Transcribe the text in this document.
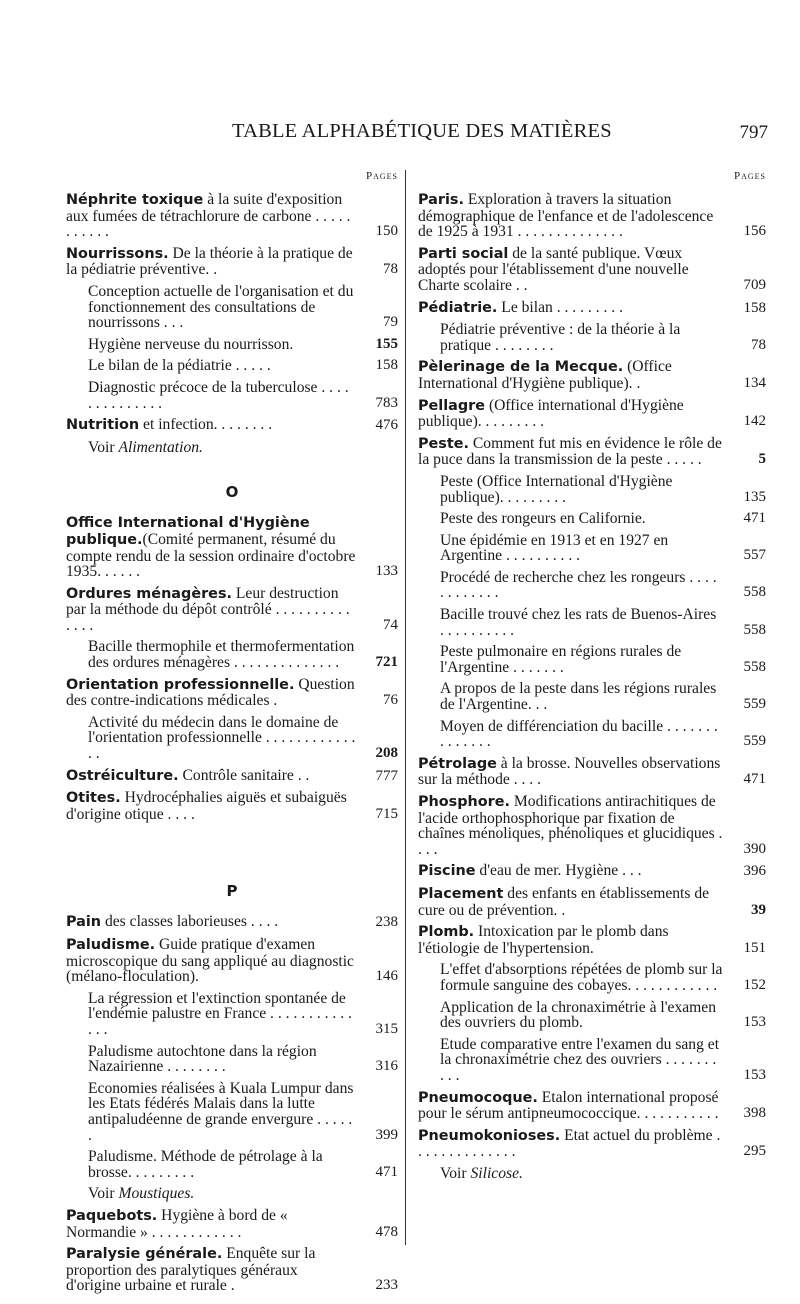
TABLE ALPHABÉTIQUE DES MATIÈRES	797
Pages
Néphrite toxique à la suite d'exposition aux fumées de tétrachlorure de carbone . . . . . . . . . . .	150
Nourrissons. De la théorie à la pratique de la pédiatrie préventive. .	78
Conception actuelle de l'organisation et du fonctionnement des consultations de nourrissons . . .	79
Hygiène nerveuse du nourrisson.	155
Le bilan de la pédiatrie . . . . .	158
Diagnostic précoce de la tuberculose . . . . . . . . . . . . . .	783
Nutrition et infection. . . . . . . .	476
Voir Alimentation.
O
Office International d'Hygiène publique.(Comité permanent, résumé du compte rendu de la session ordinaire d'octobre 1935. . . . . .	133
Ordures ménagères. Leur destruction par la méthode du dépôt contrôlé . . . . . . . . . . . . . .	74
Bacille thermophile et thermofermentation des ordures ménagères . . . . . . . . . . . . . .	721
Orientation professionnelle. Question des contre-indications médicales .	76
Activité du médecin dans le domaine de l'orientation professionnelle . . . . . . . . . . . . . .	208
Ostréiculture. Contrôle sanitaire . .	777
Otites. Hydrocéphalies aiguës et subaiguës d'origine otique . . . .	715
P
Pain des classes laborieuses . . . .	238
Paludisme. Guide pratique d'examen microscopique du sang appliqué au diagnostic (mélano-floculation).	146
La régression et l'extinction spontanée de l'endémie palustre en France . . . . . . . . . . . . . .	315
Paludisme autochtone dans la région Nazairienne . . . . . . . .	316
Economies réalisées à Kuala Lumpur dans les Etats fédérés Malais dans la lutte antipaludéenne de grande envergure . . . . . .	399
Paludisme. Méthode de pétrolage à la brosse. . . . . . . . .	471
Voir Moustiques.
Paquebots. Hygiène à bord de « Normandie » . . . . . . . . . . . .	478
Paralysie générale. Enquête sur la proportion des paralytiques généraux d'origine urbaine et rurale .	233
Pages
Paris. Exploration à travers la situation démographique de l'enfance et de l'adolescence de 1925 à 1931 . . . . . . . . . . . . . .	156
Parti social de la santé publique. Vœux adoptés pour l'établissement d'une nouvelle Charte scolaire . .	709
Pédiatrie. Le bilan . . . . . . . . .	158
Pédiatrie préventive : de la théorie à la pratique . . . . . . . .	78
Pèlerinage de la Mecque. (Office International d'Hygiène publique). .	134
Pellagre (Office international d'Hygiène publique). . . . . . . . .	142
Peste. Comment fut mis en évidence le rôle de la puce dans la transmission de la peste . . . . .	5
Peste (Office International d'Hygiène publique). . . . . . . . .	135
Peste des rongeurs en Californie.	471
Une épidémie en 1913 et en 1927 en Argentine . . . . . . . . . .	557
Procédé de recherche chez les rongeurs . . . . . . . . . . . .	558
Bacille trouvé chez les rats de Buenos-Aires . . . . . . . . . .	558
Peste pulmonaire en régions rurales de l'Argentine . . . . . . .	558
A propos de la peste dans les régions rurales de l'Argentine. . .	559
Moyen de différenciation du bacille . . . . . . . . . . . . . .	559
Pétrolage à la brosse. Nouvelles observations sur la méthode . . . .	471
Phosphore. Modifications antirachitiques de l'acide orthophosphorique par fixation de chaînes ménoliques, phénoliques et glucidiques . . . .	390
Piscine d'eau de mer. Hygiène . . .	396
Placement des enfants en établissements de cure ou de prévention. .	39
Plomb. Intoxication par le plomb dans l'étiologie de l'hypertension.	151
L'effet d'absorptions répétées de plomb sur la formule sanguine des cobayes. . . . . . . . . . . .	152
Application de la chronaximétrie à l'examen des ouvriers du plomb.	153
Etude comparative entre l'examen du sang et la chronaximétrie chez des ouvriers . . . . . . . . . .	153
Pneumocoque. Etalon international proposé pour le sérum antipneumococcique. . . . . . . . . . .	398
Pneumokonioses. Etat actuel du problème . . . . . . . . . . . . . .	295
Voir Silicose.
